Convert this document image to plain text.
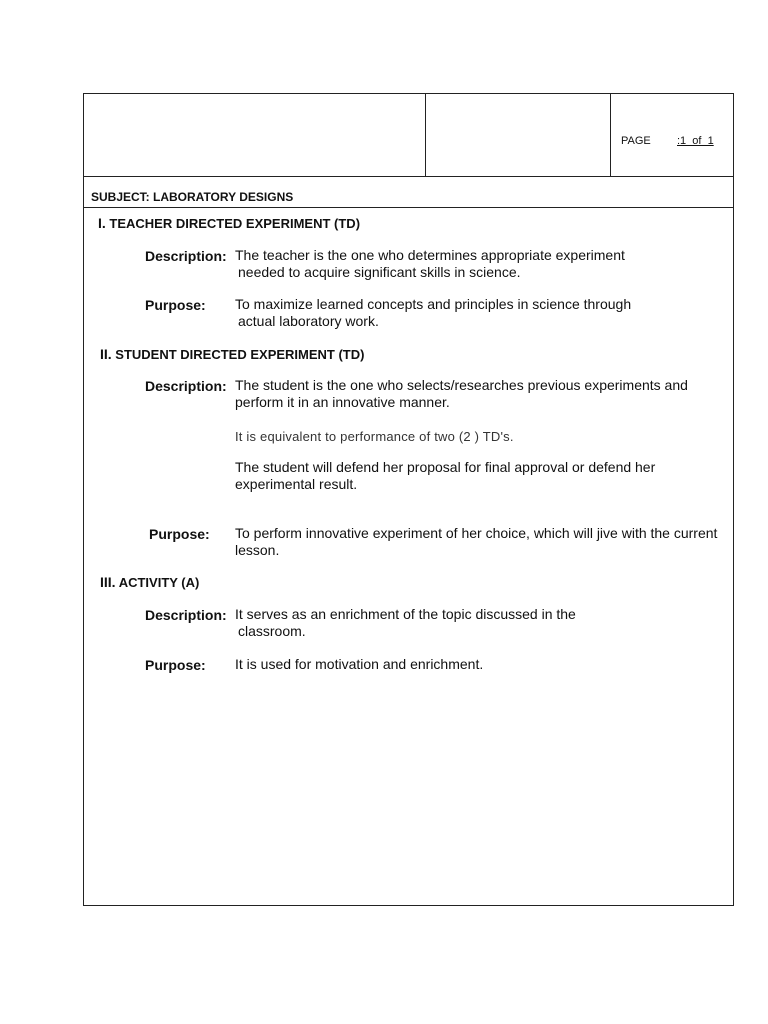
PAGE :1  of  1
SUBJECT: LABORATORY DESIGNS
I. TEACHER DIRECTED EXPERIMENT (TD)
Description: The teacher is the one who determines appropriate experiment
needed to acquire significant skills in science.
Purpose: To maximize learned concepts and principles in science through
actual laboratory work.
II. STUDENT DIRECTED EXPERIMENT (TD)
Description: The student is the one who selects/researches previous experiments and
perform it in an innovative manner.
It is equivalent to performance of two (2 ) TD's.
The student will defend her proposal for final approval or defend her
experimental result.
Purpose: To perform innovative experiment of her choice, which will jive with the current
lesson.
III. ACTIVITY (A)
Description: It serves as an enrichment of the topic discussed in the
classroom.
Purpose: It is used for motivation and enrichment.
